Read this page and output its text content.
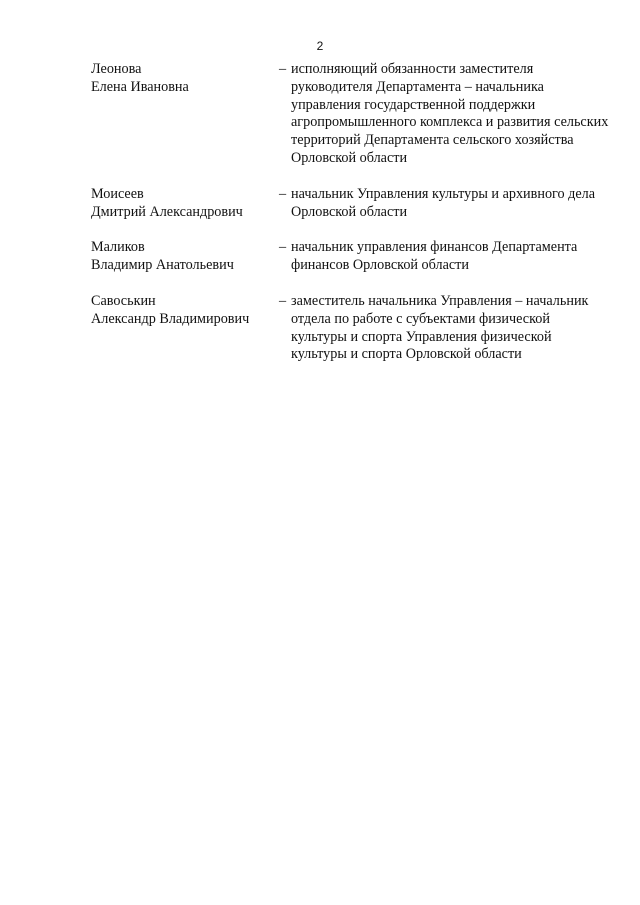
2
Леонова
Елена Ивановна
– исполняющий обязанности заместителя руководителя Департамента – начальника управления государственной поддержки агропромышленного комплекса и развития сельских территорий Департамента сельского хозяйства Орловской области
Моисеев
Дмитрий Александрович
– начальник Управления культуры и архивного дела Орловской области
Маликов
Владимир Анатольевич
– начальник управления финансов Департамента финансов Орловской области
Савоськин
Александр Владимирович
– заместитель начальника Управления – начальник отдела по работе с субъектами физической культуры и спорта Управления физической культуры и спорта Орловской области
